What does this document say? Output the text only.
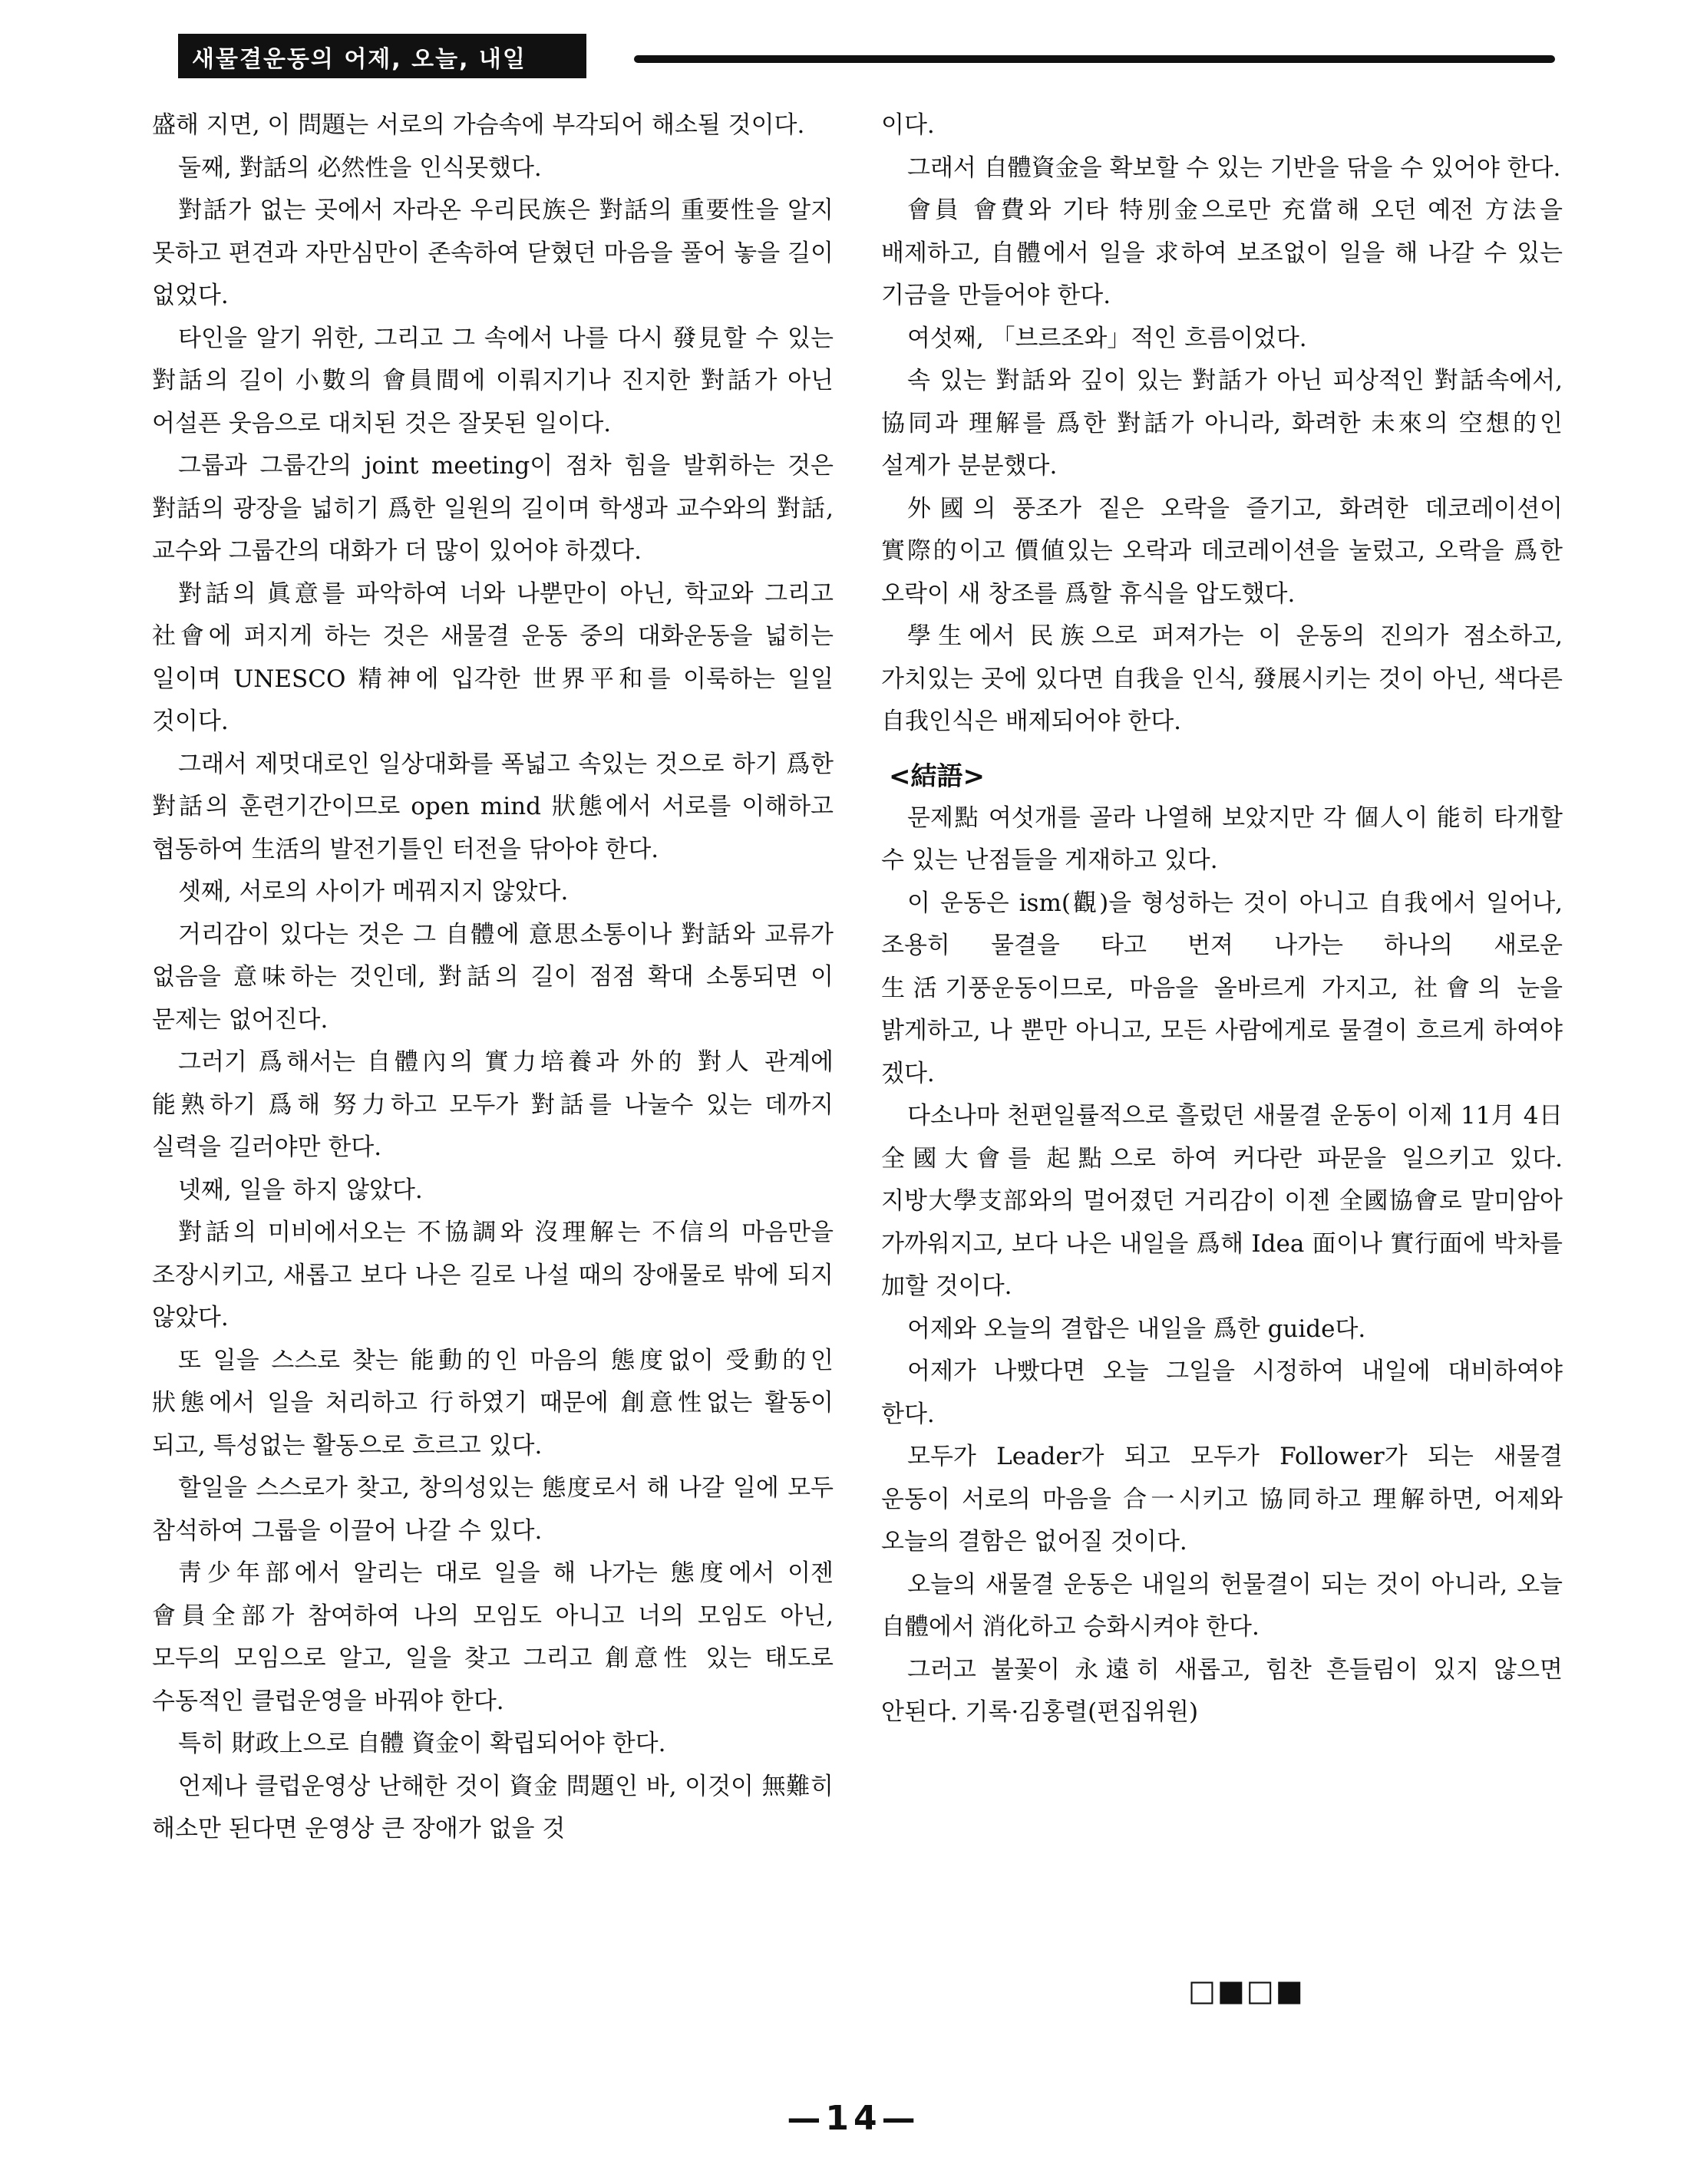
새물결운동의 어제, 오늘, 내일

盛해 지면, 이 問題는 서로의 가슴속에 부각되어 해소될 것이다.

둘째, 對話의 必然性을 인식못했다.

對話가 없는 곳에서 자라온 우리民族은 對話의 重要性을 알지 못하고 편견과 자만심만이 존속하여 닫혔던 마음을 풀어 놓을 길이 없었다.

타인을 알기 위한, 그리고 그 속에서 나를 다시 發見할 수 있는 對話의 길이 小數의 會員間에 이뤄지기나 진지한 對話가 아닌 어설픈 웃음으로 대치된 것은 잘못된 일이다.

그룹과 그룹간의 joint meeting이 점차 힘을 발휘하는 것은 對話의 광장을 넓히기 爲한 일원의 길이며 학생과 교수와의 對話, 교수와 그룹간의 대화가 더 많이 있어야 하겠다.

對話의 眞意를 파악하여 너와 나뿐만이 아닌, 학교와 그리고 社會에 퍼지게 하는 것은 새물결 운동 중의 대화운동을 넓히는 일이며 UNESCO 精神에 입각한 世界平和를 이룩하는 일일 것이다.

그래서 제멋대로인 일상대화를 폭넓고 속있는 것으로 하기 爲한 對話의 훈련기간이므로 open mind 狀態에서 서로를 이해하고 협동하여 生活의 발전기틀인 터전을 닦아야 한다.

셋째, 서로의 사이가 메꿔지지 않았다.

거리감이 있다는 것은 그 自體에 意思소통이나 對話와 교류가 없음을 意味하는 것인데, 對話의 길이 점점 확대 소통되면 이 문제는 없어진다.

그러기 爲해서는 自體內의 實力培養과 外的 對人 관계에 能熟하기 爲해 努力하고 모두가 對話를 나눌수 있는 데까지 실력을 길러야만 한다.

넷째, 일을 하지 않았다.

對話의 미비에서오는 不協調와 沒理解는 不信의 마음만을 조장시키고, 새롭고 보다 나은 길로 나설 때의 장애물로 밖에 되지 않았다.

또 일을 스스로 찾는 能動的인 마음의 態度없이 受動的인 狀態에서 일을 처리하고 行하였기 때문에 創意性없는 활동이 되고, 특성없는 활동으로 흐르고 있다.

할일을 스스로가 찾고, 창의성있는 態度로서 해 나갈 일에 모두 참석하여 그룹을 이끌어 나갈 수 있다.

靑少年部에서 알리는 대로 일을 해 나가는 態度에서 이젠 會員全部가 참여하여 나의 모임도 아니고 너의 모임도 아닌, 모두의 모임으로 알고, 일을 찾고 그리고 創意性 있는 태도로 수동적인 클럽운영을 바꿔야 한다.

특히 財政上으로 自體 資金이 확립되어야 한다.

언제나 클럽운영상 난해한 것이 資金 問題인 바, 이것이 無難히 해소만 된다면 운영상 큰 장애가 없을 것

이다.

그래서 自體資金을 확보할 수 있는 기반을 닦을 수 있어야 한다.

會員 會費와 기타 特別金으로만 充當해 오던 예전 方法을 배제하고, 自體에서 일을 求하여 보조없이 일을 해 나갈 수 있는 기금을 만들어야 한다.

여섯째, 「브르조와」적인 흐름이었다.

속 있는 對話와 깊이 있는 對話가 아닌 피상적인 對話속에서, 協同과 理解를 爲한 對話가 아니라, 화려한 未來의 空想的인 설계가 분분했다.

外國의 풍조가 짙은 오락을 즐기고, 화려한 데코레이션이 實際的이고 價値있는 오락과 데코레이션을 눌렀고, 오락을 爲한 오락이 새 창조를 爲할 휴식을 압도했다.

學生에서 民族으로 퍼져가는 이 운동의 진의가 점소하고, 가치있는 곳에 있다면 自我을 인식, 發展시키는 것이 아닌, 색다른 自我인식은 배제되어야 한다.

<結語>

문제點 여섯개를 골라 나열해 보았지만 각 個人이 能히 타개할 수 있는 난점들을 게재하고 있다.

이 운동은 ism(觀)을 형성하는 것이 아니고 自我에서 일어나, 조용히 물결을 타고 번져 나가는 하나의 새로운 生活기풍운동이므로, 마음을 올바르게 가지고, 社會의 눈을 밝게하고, 나 뿐만 아니고, 모든 사람에게로 물결이 흐르게 하여야 겠다.

다소나마 천편일률적으로 흘렀던 새물결 운동이 이제 11月 4日 全國大會를 起點으로 하여 커다란 파문을 일으키고 있다. 지방大學支部와의 멀어졌던 거리감이 이젠 全國協會로 말미암아 가까워지고, 보다 나은 내일을 爲해 Idea 面이나 實行面에 박차를 加할 것이다.

어제와 오늘의 결합은 내일을 爲한 guide다.

어제가 나빴다면 오늘 그일을 시정하여 내일에 대비하여야 한다.

모두가 Leader가 되고 모두가 Follower가 되는 새물결 운동이 서로의 마음을 合一시키고 協同하고 理解하면, 어제와 오늘의 결함은 없어질 것이다.

오늘의 새물결 운동은 내일의 헌물결이 되는 것이 아니라, 오늘 自體에서 消化하고 승화시켜야 한다.

그러고 불꽃이 永遠히 새롭고, 힘찬 흔들림이 있지 않으면 안된다. 기록·김홍렬(편집위원)

□■□■
—14—
